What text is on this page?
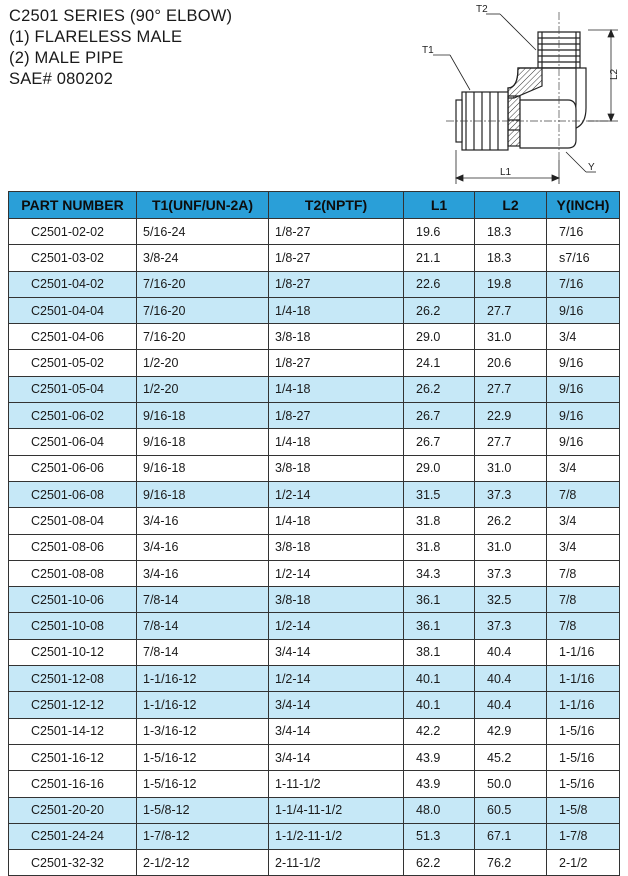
C2501 SERIES (90° ELBOW)
(1) FLARELESS MALE
(2) MALE PIPE
SAE# 080202
T2
T1
L2
L1	Y
PART NUMBER	T1(UNF/UN-2A)	T2(NPTF)	L1	L2	Y(INCH)
C2501-02-02	5/16-24	1/8-27	19.6	18.3	7/16
C2501-03-02	3/8-24	1/8-27	21.1	18.3	s7/16
C2501-04-02	7/16-20	1/8-27	22.6	19.8	7/16
C2501-04-04	7/16-20	1/4-18	26.2	27.7	9/16
C2501-04-06	7/16-20	3/8-18	29.0	31.0	3/4
C2501-05-02	1/2-20	1/8-27	24.1	20.6	9/16
C2501-05-04	1/2-20	1/4-18	26.2	27.7	9/16
C2501-06-02	9/16-18	1/8-27	26.7	22.9	9/16
C2501-06-04	9/16-18	1/4-18	26.7	27.7	9/16
C2501-06-06	9/16-18	3/8-18	29.0	31.0	3/4
C2501-06-08	9/16-18	1/2-14	31.5	37.3	7/8
C2501-08-04	3/4-16	1/4-18	31.8	26.2	3/4
C2501-08-06	3/4-16	3/8-18	31.8	31.0	3/4
C2501-08-08	3/4-16	1/2-14	34.3	37.3	7/8
C2501-10-06	7/8-14	3/8-18	36.1	32.5	7/8
C2501-10-08	7/8-14	1/2-14	36.1	37.3	7/8
C2501-10-12	7/8-14	3/4-14	38.1	40.4	1-1/16
C2501-12-08	1-1/16-12	1/2-14	40.1	40.4	1-1/16
C2501-12-12	1-1/16-12	3/4-14	40.1	40.4	1-1/16
C2501-14-12	1-3/16-12	3/4-14	42.2	42.9	1-5/16
C2501-16-12	1-5/16-12	3/4-14	43.9	45.2	1-5/16
C2501-16-16	1-5/16-12	1-11-1/2	43.9	50.0	1-5/16
C2501-20-20	1-5/8-12	1-1/4-11-1/2	48.0	60.5	1-5/8
C2501-24-24	1-7/8-12	1-1/2-11-1/2	51.3	67.1	1-7/8
C2501-32-32	2-1/2-12	2-11-1/2	62.2	76.2	2-1/2
